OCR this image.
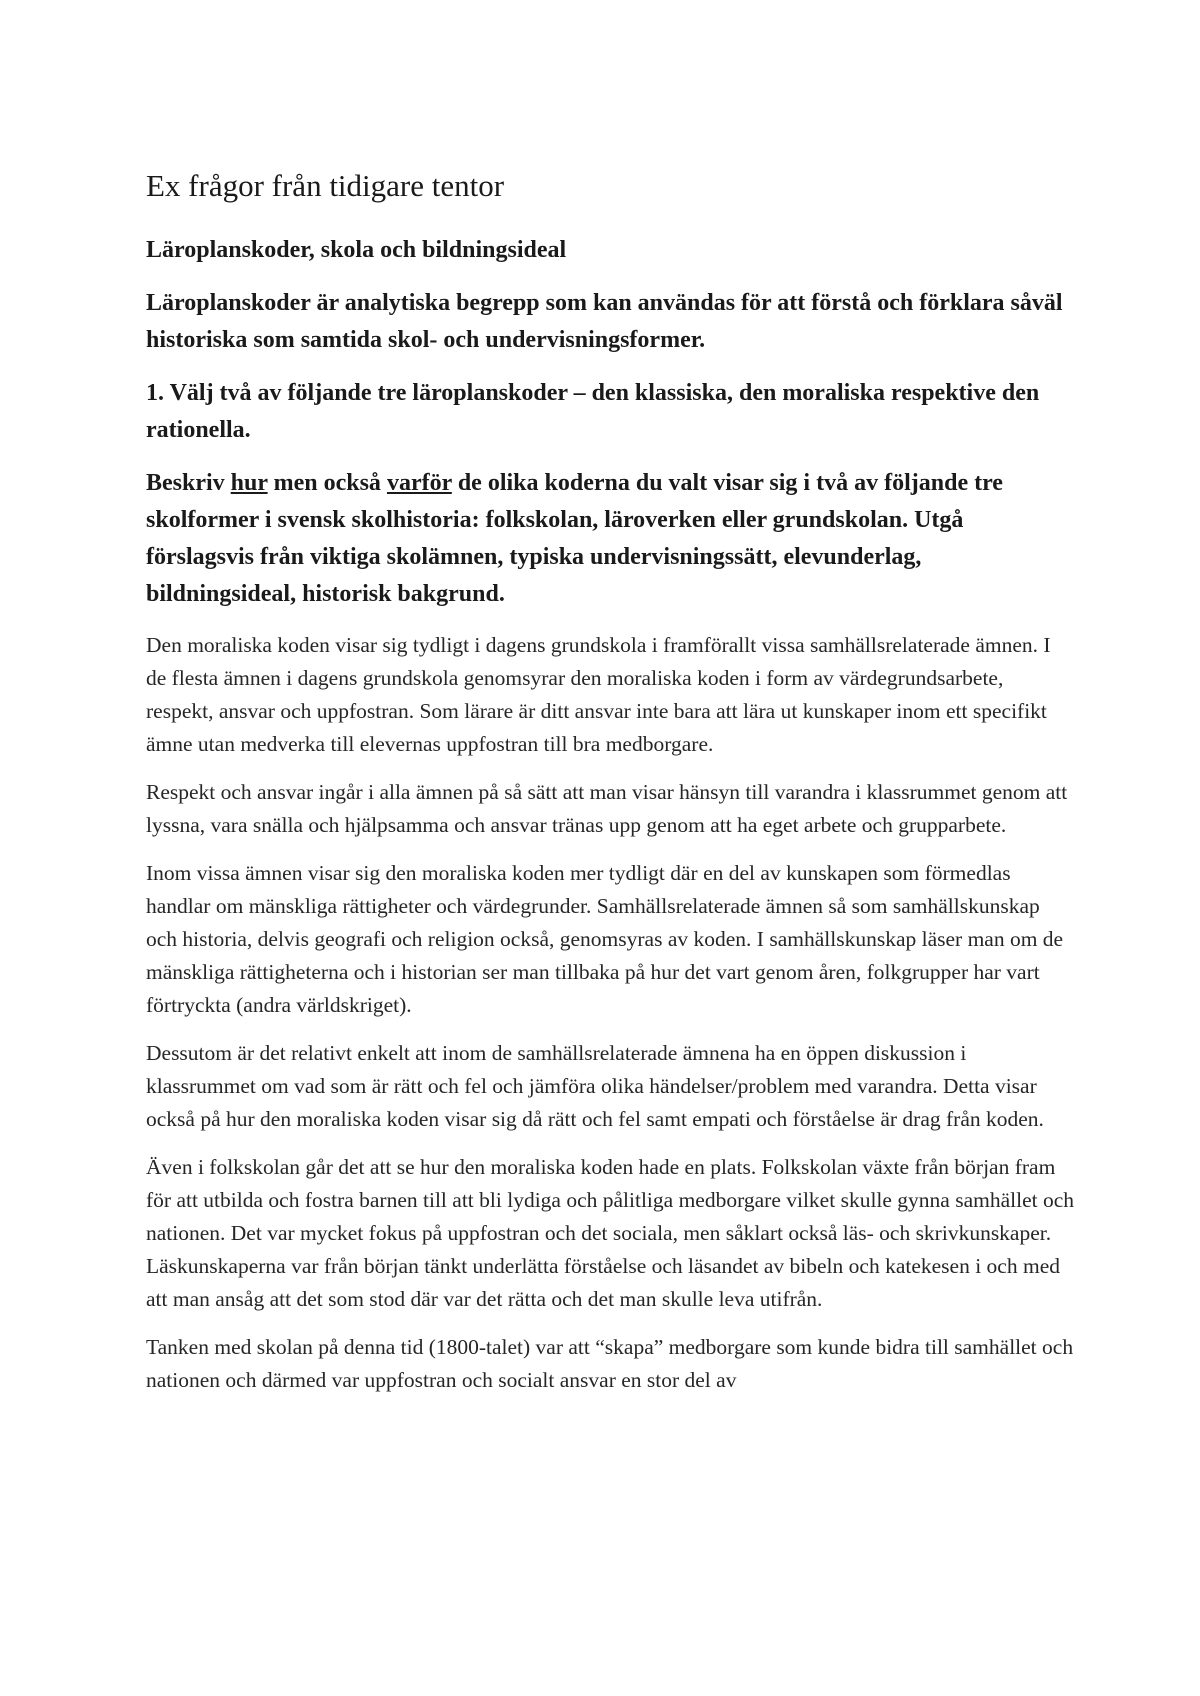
Ex frågor från tidigare tentor
Läroplanskoder, skola och bildningsideal

Läroplanskoder är analytiska begrepp som kan användas för att förstå och förklara såväl historiska som samtida skol- och undervisningsformer.

1. Välj två av följande tre läroplanskoder – den klassiska, den moraliska respektive den rationella.

Beskriv hur men också varför de olika koderna du valt visar sig i två av följande tre skolformer i svensk skolhistoria: folkskolan, läroverken eller grundskolan. Utgå förslagsvis från viktiga skolämnen, typiska undervisningssätt, elevunderlag, bildningsideal, historisk bakgrund.

Den moraliska koden visar sig tydligt i dagens grundskola i framförallt vissa samhällsrelaterade ämnen. I de flesta ämnen i dagens grundskola genomsyrar den moraliska koden i form av värdegrundsarbete, respekt, ansvar och uppfostran. Som lärare är ditt ansvar inte bara att lära ut kunskaper inom ett specifikt ämne utan medverka till elevernas uppfostran till bra medborgare.

Respekt och ansvar ingår i alla ämnen på så sätt att man visar hänsyn till varandra i klassrummet genom att lyssna, vara snälla och hjälpsamma och ansvar tränas upp genom att ha eget arbete och grupparbete.

Inom vissa ämnen visar sig den moraliska koden mer tydligt där en del av kunskapen som förmedlas handlar om mänskliga rättigheter och värdegrunder. Samhällsrelaterade ämnen så som samhällskunskap och historia, delvis geografi och religion också, genomsyras av koden. I samhällskunskap läser man om de mänskliga rättigheterna och i historian ser man tillbaka på hur det vart genom åren, folkgrupper har vart förtryckta (andra världskriget).

Dessutom är det relativt enkelt att inom de samhällsrelaterade ämnena ha en öppen diskussion i klassrummet om vad som är rätt och fel och jämföra olika händelser/problem med varandra. Detta visar också på hur den moraliska koden visar sig då rätt och fel samt empati och förståelse är drag från koden.

Även i folkskolan går det att se hur den moraliska koden hade en plats. Folkskolan växte från början fram för att utbilda och fostra barnen till att bli lydiga och pålitliga medborgare vilket skulle gynna samhället och nationen. Det var mycket fokus på uppfostran och det sociala, men såklart också läs- och skrivkunskaper. Läskunskaperna var från början tänkt underlätta förståelse och läsandet av bibeln och katekesen i och med att man ansåg att det som stod där var det rätta och det man skulle leva utifrån.

Tanken med skolan på denna tid (1800-talet) var att “skapa” medborgare som kunde bidra till samhället och nationen och därmed var uppfostran och socialt ansvar en stor del av
